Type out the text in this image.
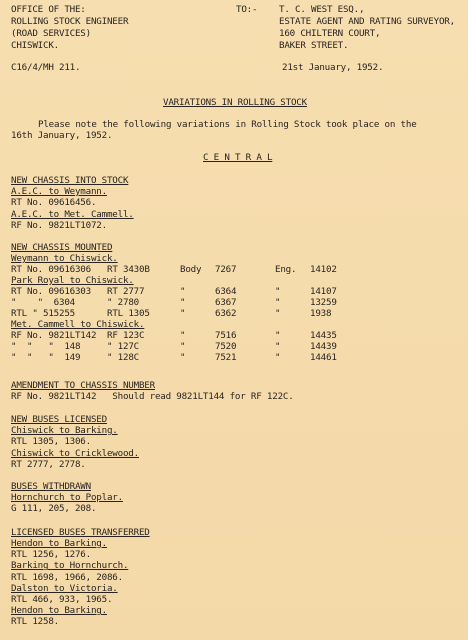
OFFICE OF THE:
ROLLING STOCK ENGINEER
(ROAD SERVICES)
CHISWICK.
TO:- T. C. WEST ESQ.,
ESTATE AGENT AND RATING SURVEYOR,
160 CHILTERN COURT,
BAKER STREET.
C16/4/MH 211.	21st January, 1952.
VARIATIONS IN ROLLING STOCK
Please note the following variations in Rolling Stock took place on the
16th January, 1952.
C E N T R A L
NEW CHASSIS INTO STOCK
A.E.C. to Weymann.
RT No. 09616456.
A.E.C. to Met. Cammell.
RF No. 9821LT1072.
NEW CHASSIS MOUNTED
Weymann to Chiswick.
RT No. 09616306 RT 3430B	Body 7267	Eng. 14102
Park Royal to Chiswick.
RT No. 09616303 RT 2777	"	6364	"	14107
"    "  6304	" 2780	"	6367	"	13259
RTL " 515255	RTL 1305	"	6362	"	1938
Met. Cammell to Chiswick.
RF No. 9821LT142 RF 123C	"	7516	"	14435
"  "   "  148	" 127C	"	7520	"	14439
"  "   "  149	" 128C	"	7521	"	14461
AMENDMENT TO CHASSIS NUMBER
RF No. 9821LT142   Should read 9821LT144 for RF 122C.
NEW BUSES LICENSED
Chiswick to Barking.
RTL 1305, 1306.
Chiswick to Cricklewood.
RT 2777, 2778.
BUSES WITHDRAWN
Hornchurch to Poplar.
G 111, 205, 208.
LICENSED BUSES TRANSFERRED
Hendon to Barking.
RTL 1256, 1276.
Barking to Hornchurch.
RTL 1698, 1966, 2086.
Dalston to Victoria.
RTL 466, 933, 1965.
Hendon to Barking.
RTL 1258.
